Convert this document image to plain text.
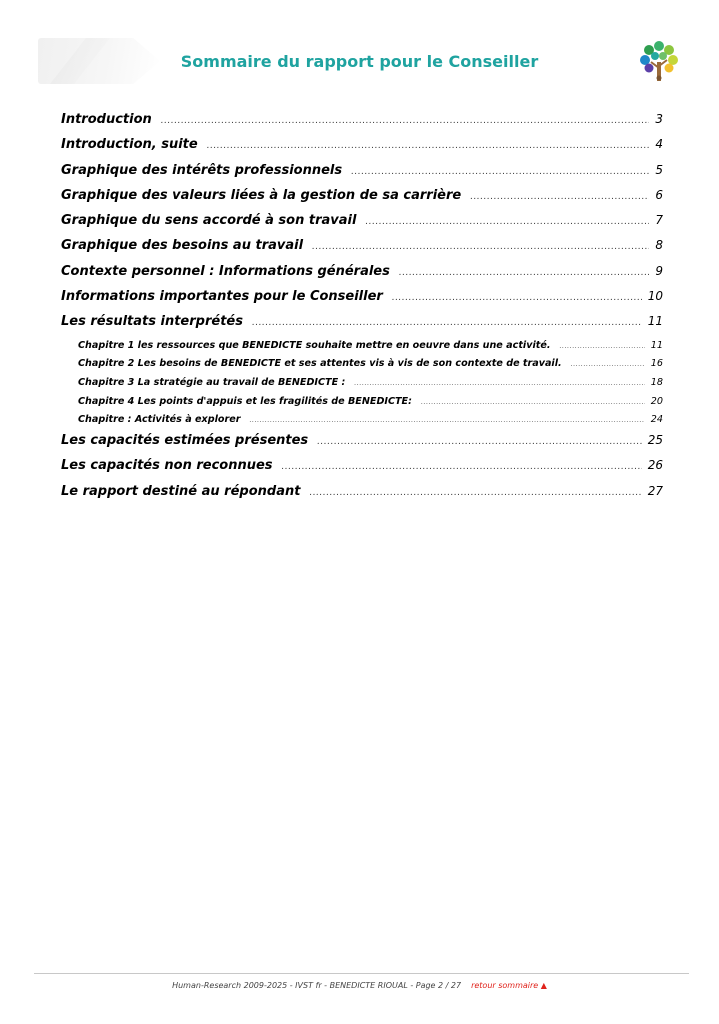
Sommaire du rapport pour le Conseiller
Introduction .....	3
Introduction, suite .....	4
Graphique des intérêts professionnels .....	5
Graphique des valeurs liées à la gestion de sa carrière .....	6
Graphique du sens accordé à son travail .....	7
Graphique des besoins au travail .....	8
Contexte personnel : Informations générales .....	9
Informations importantes pour le Conseiller .....	10
Les résultats interprétés .....	11
Chapitre 1 les ressources que BENEDICTE souhaite mettre en oeuvre dans une activité. .....	11
Chapitre 2 Les besoins de BENEDICTE et ses attentes vis à vis de son contexte de travail. .....	16
Chapitre 3 La stratégie au travail de BENEDICTE : .....	18
Chapitre 4 Les points d'appuis et les fragilités de BENEDICTE: .....	20
Chapitre : Activités à explorer .....	24
Les capacités estimées présentes .....	25
Les capacités non reconnues .....	26
Le rapport destiné au répondant .....	27
Human-Research 2009-2025 - IVST fr - BENEDICTE RIOUAL - Page 2 / 27 retour sommaire ▲
